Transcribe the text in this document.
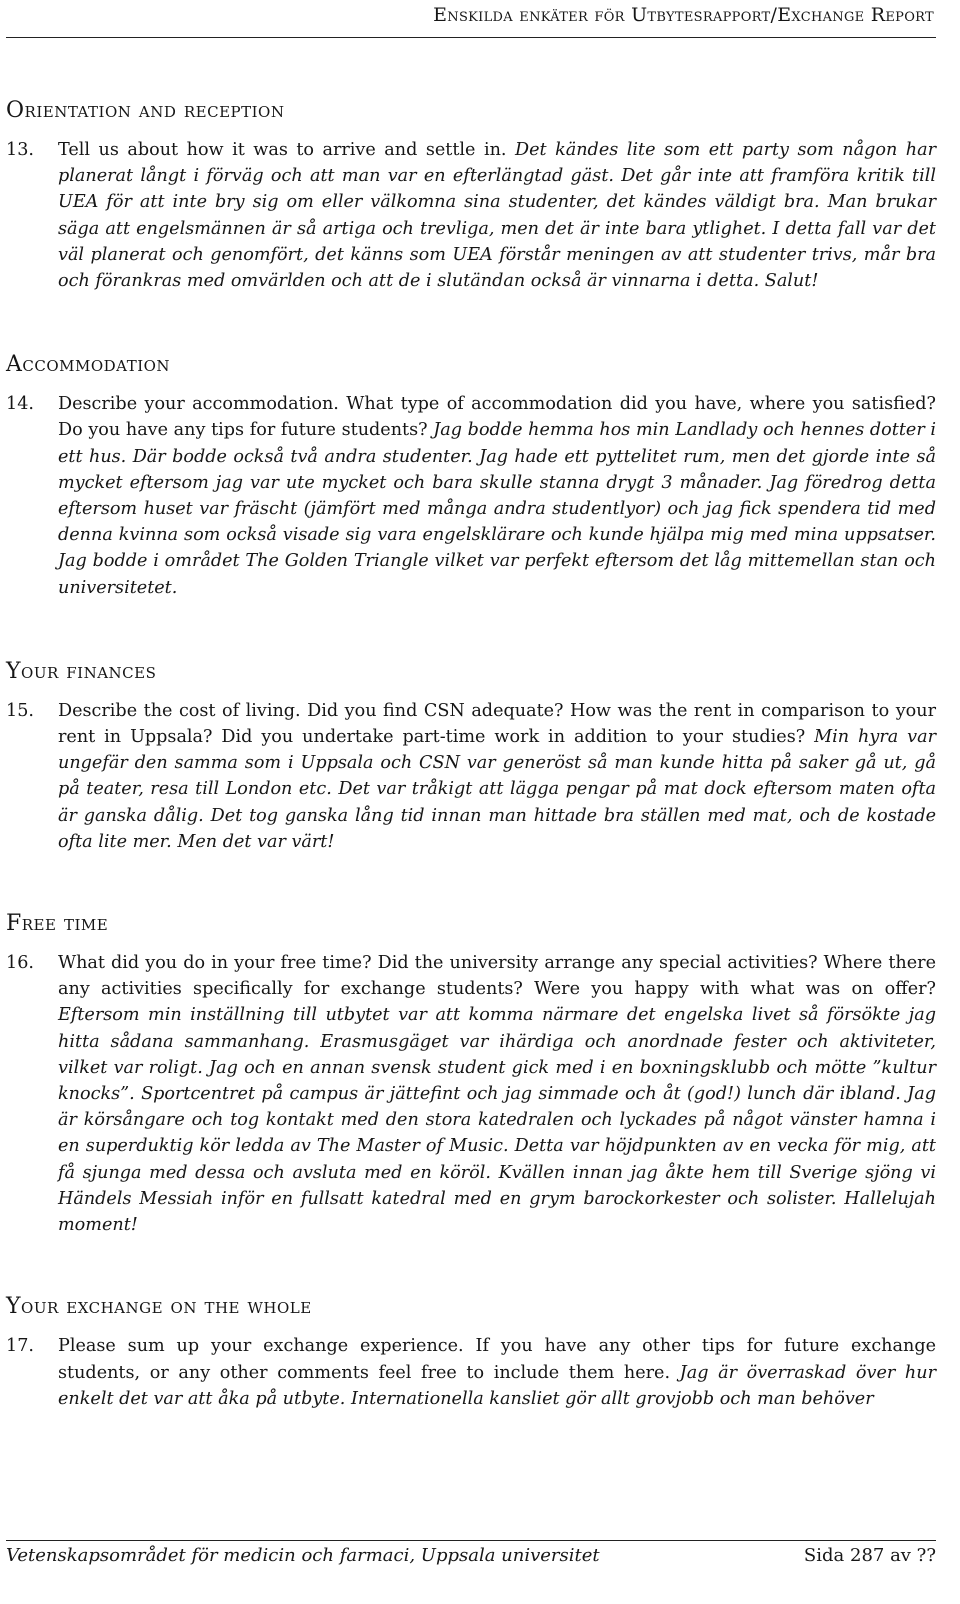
Enskilda enkäter för Utbytesrapport/Exchange Report
Orientation and reception
13.	Tell us about how it was to arrive and settle in. Det kändes lite som ett party som någon har planerat långt i förväg och att man var en efterlängtad gäst. Det går inte att framföra kritik till UEA för att inte bry sig om eller välkomna sina studenter, det kändes väldigt bra. Man brukar säga att engelsmännen är så artiga och trevliga, men det är inte bara ytlighet. I detta fall var det väl planerat och genomfört, det känns som UEA förstår meningen av att studenter trivs, mår bra och förankras med omvärlden och att de i slutändan också är vinnarna i detta. Salut!
Accommodation
14.	Describe your accommodation. What type of accommodation did you have, where you satisfied? Do you have any tips for future students? Jag bodde hemma hos min Landlady och hennes dotter i ett hus. Där bodde också två andra studenter. Jag hade ett pyttelitet rum, men det gjorde inte så mycket eftersom jag var ute mycket och bara skulle stanna drygt 3 månader. Jag föredrog detta eftersom huset var fräscht (jämfört med många andra studentlyor) och jag fick spendera tid med denna kvinna som också visade sig vara engelsklärare och kunde hjälpa mig med mina uppsatser. Jag bodde i området The Golden Triangle vilket var perfekt eftersom det låg mittemellan stan och universitetet.
Your finances
15.	Describe the cost of living. Did you find CSN adequate? How was the rent in comparison to your rent in Uppsala? Did you undertake part-time work in addition to your studies? Min hyra var ungefär den samma som i Uppsala och CSN var generöst så man kunde hitta på saker gå ut, gå på teater, resa till London etc. Det var tråkigt att lägga pengar på mat dock eftersom maten ofta är ganska dålig. Det tog ganska lång tid innan man hittade bra ställen med mat, och de kostade ofta lite mer. Men det var värt!
Free time
16.	What did you do in your free time? Did the university arrange any special activities? Where there any activities specifically for exchange students? Were you happy with what was on offer? Eftersom min inställning till utbytet var att komma närmare det engelska livet så försökte jag hitta sådana sammanhang. Erasmusgäget var ihärdiga och anordnade fester och aktiviteter, vilket var roligt. Jag och en annan svensk student gick med i en boxningsklubb och mötte ”kultur knocks”. Sportcentret på campus är jättefint och jag simmade och åt (god!) lunch där ibland. Jag är körsångare och tog kontakt med den stora katedralen och lyckades på något vänster hamna i en superduktig kör ledda av The Master of Music. Detta var höjdpunkten av en vecka för mig, att få sjunga med dessa och avsluta med en köröl. Kvällen innan jag åkte hem till Sverige sjöng vi Händels Messiah inför en fullsatt katedral med en grym barockorkester och solister. Hallelujah moment!
Your exchange on the whole
17.	Please sum up your exchange experience. If you have any other tips for future exchange students, or any other comments feel free to include them here. Jag är överraskad över hur enkelt det var att åka på utbyte. Internationella kansliet gör allt grovjobb och man behöver
Vetenskapsområdet för medicin och farmaci, Uppsala universitet	Sida 287 av ??
